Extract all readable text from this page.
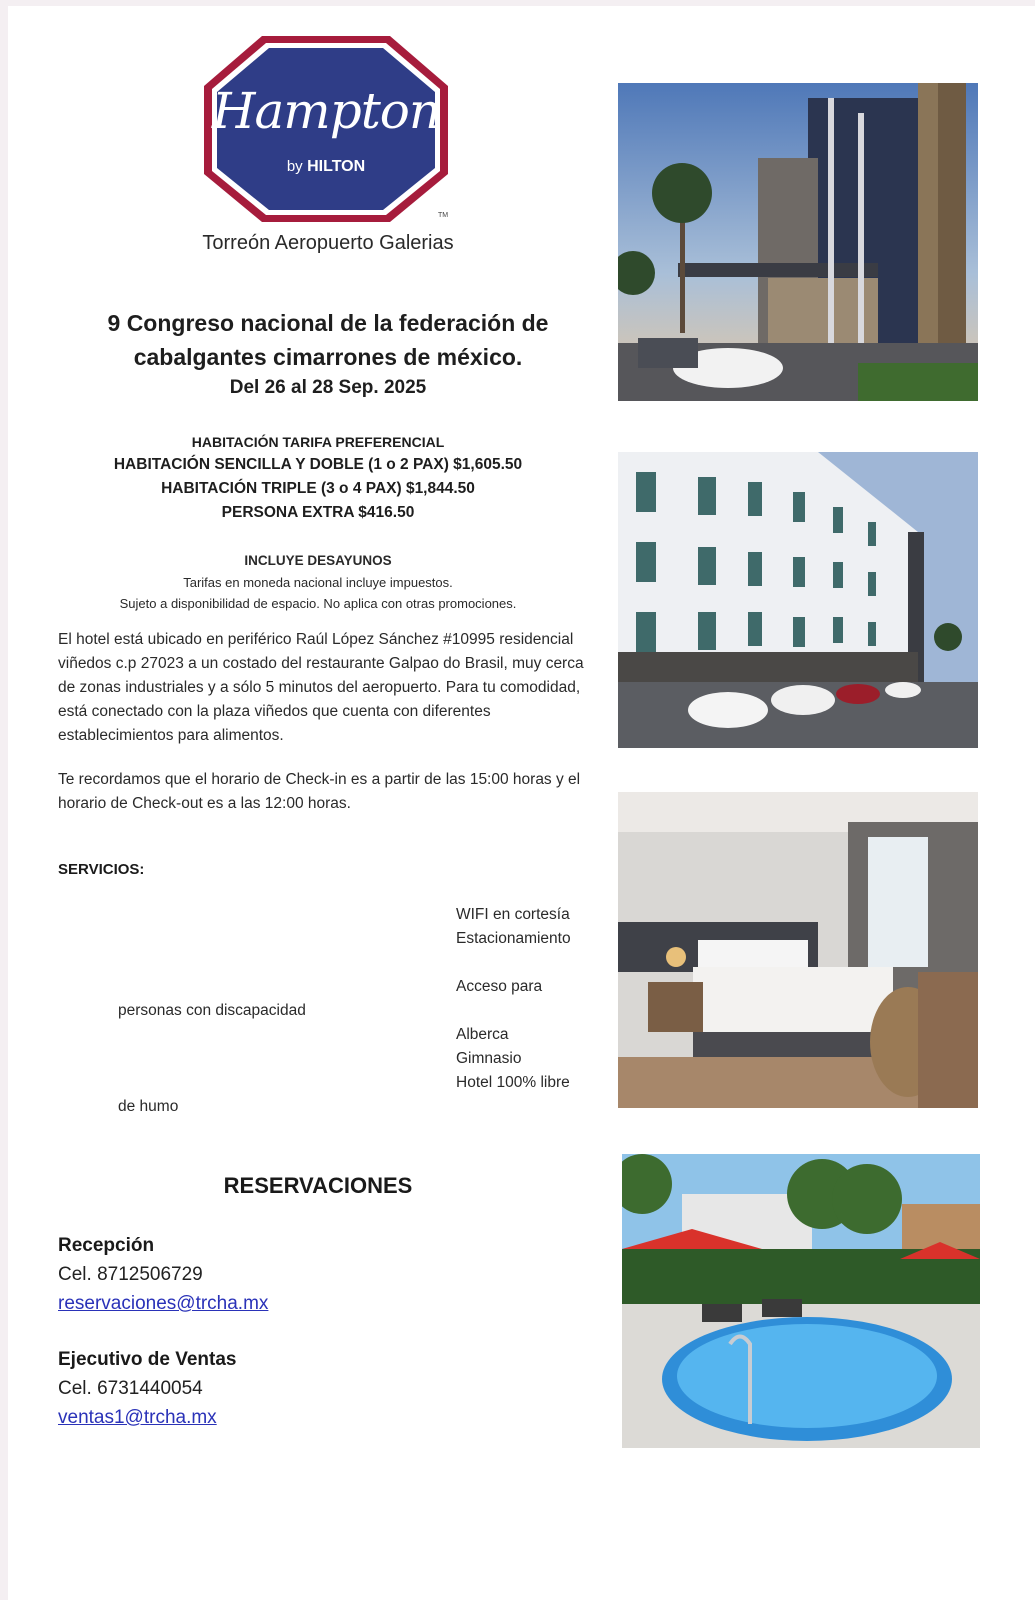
Hampton
by HILTON
TM
Torreón Aeropuerto Galerias
9 Congreso nacional de la federación de
cabalgantes cimarrones de méxico.
Del 26 al 28 Sep. 2025
HABITACIÓN TARIFA PREFERENCIAL
HABITACIÓN SENCILLA Y DOBLE (1 o 2 PAX) $1,605.50
HABITACIÓN TRIPLE (3 o 4 PAX) $1,844.50
PERSONA EXTRA $416.50
INCLUYE DESAYUNOS
Tarifas en moneda nacional incluye impuestos.
Sujeto a disponibilidad de espacio. No aplica con otras promociones.
El hotel está ubicado en periférico Raúl López Sánchez #10995 residencial
viñedos c.p 27023 a un costado del restaurante Galpao do Brasil, muy cerca
de zonas industriales y a sólo 5 minutos del aeropuerto. Para tu comodidad,
está conectado con la plaza viñedos que cuenta con diferentes
establecimientos para alimentos.
Te recordamos que el horario de Check-in es a partir de las 15:00 horas y el
horario de Check-out es a las 12:00 horas.
SERVICIOS:
WIFI en cortesía
Estacionamiento
Acceso para
personas con discapacidad
Alberca
Gimnasio
Hotel 100% libre
de humo
RESERVACIONES
Recepción
Cel. 8712506729
reservaciones@trcha.mx
Ejecutivo de Ventas
Cel. 6731440054
ventas1@trcha.mx
